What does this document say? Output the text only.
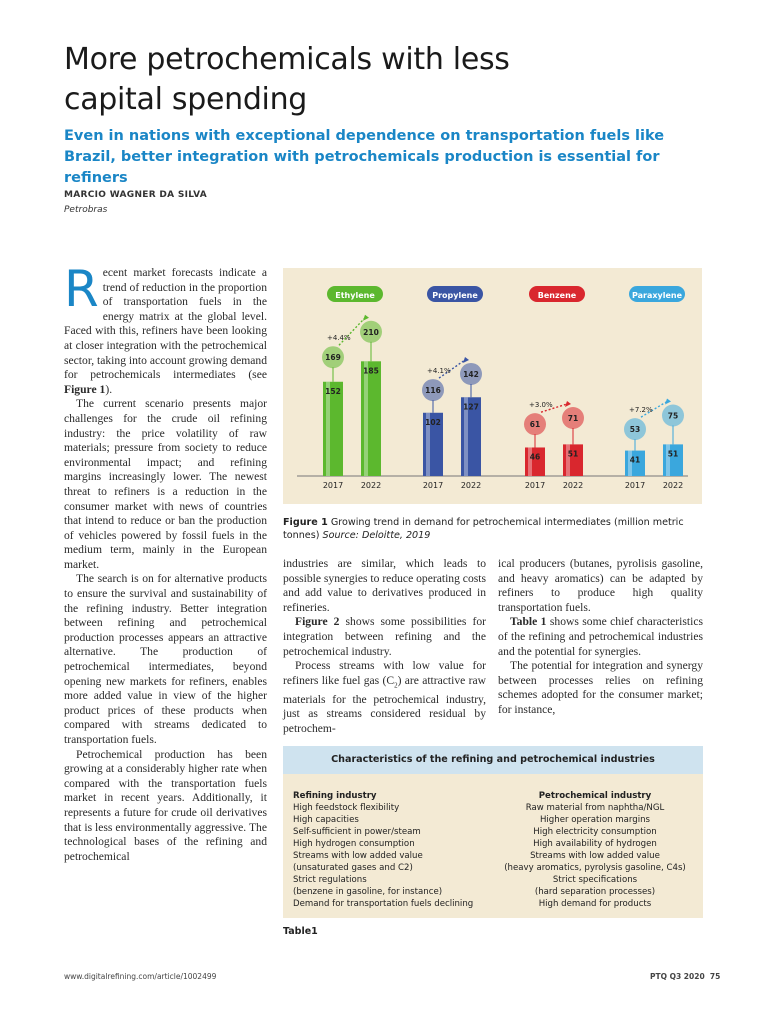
More petrochemicals with less capital spending
Even in nations with exceptional dependence on transportation fuels like Brazil, better integration with petrochemicals production is essential for refiners
MARCIO WAGNER DA SILVA
Petrobras

Recent market forecasts indicate a trend of reduction in the proportion of transportation fuels in the energy matrix at the global level. Faced with this, refiners have been looking at closer integration with the petrochemical sector, taking into account growing demand for petrochemicals intermediates (see Figure 1).

The current scenario presents major challenges for the crude oil refining industry: the price volatility of raw materials; pressure from society to reduce environmental impact; and refining margins increasingly lower. The newest threat to refiners is a reduction in the consumer market with news of countries that intend to reduce or ban the production of vehicles powered by fossil fuels in the medium term, mainly in the European market.

The search is on for alternative products to ensure the survival and sustainability of the refining industry. Better integration between refining and petrochemical production processes appears an attractive alternative. The production of petrochemical intermediates, beyond opening new markets for refiners, enables more added value in view of the higher product prices of these products when compared with streams dedicated to transportation fuels.

Petrochemical production has been growing at a considerably higher rate when compared with the transportation fuels market in recent years. Additionally, it represents a future for crude oil derivatives that is less environmentally aggressive. The technological bases of the refining and petrochemical

industries are similar, which leads to possible synergies to reduce operating costs and add value to derivatives produced in refineries.

Figure 2 shows some possibilities for integration between refining and the petrochemical industry.

Process streams with low value for refiners like fuel gas $(C_2)$ are attractive raw materials for the petrochemical industry, just as streams considered residual by petrochem-

ical producers (butanes, pyrolisis gasoline, and heavy aromatics) can be adapted by refiners to produce high quality transportation fuels.

Table 1 shows some chief characteristics of the refining and petrochemical industries and the potential for synergies.

The potential for integration and synergy between processes relies on refining schemes adopted for the consumer market; for instance,

Ethylene
152
169
2017
185
210
2022
+4.4%
Propylene
102
116
2017
127
142
2022
+4.1%
Benzene
46
61
2017
51
71
2022
+3.0%
Paraxylene
41
53
2017
51
75
2022
+7.2%
Figure 1 Growing trend in demand for petrochemical intermediates (million metric tonnes) Source: Deloitte, 2019
Characteristics of the refining and petrochemical industries
Refining industry
High feedstock flexibility
High capacities
Self-sufficient in power/steam
High hydrogen consumption
Streams with low added value
(unsaturated gases and C2)
Strict regulations
(benzene in gasoline, for instance)
Demand for transportation fuels declining
Petrochemical industry
Raw material from naphtha/NGL
Higher operation margins
High electricity consumption
High availability of hydrogen
Streams with low added value
(heavy aromatics, pyrolysis gasoline, C4s)
Strict specifications
(hard separation processes)
High demand for products
Table1
www.digitalrefining.com/article/1002499	PTQ Q3 2020 75
